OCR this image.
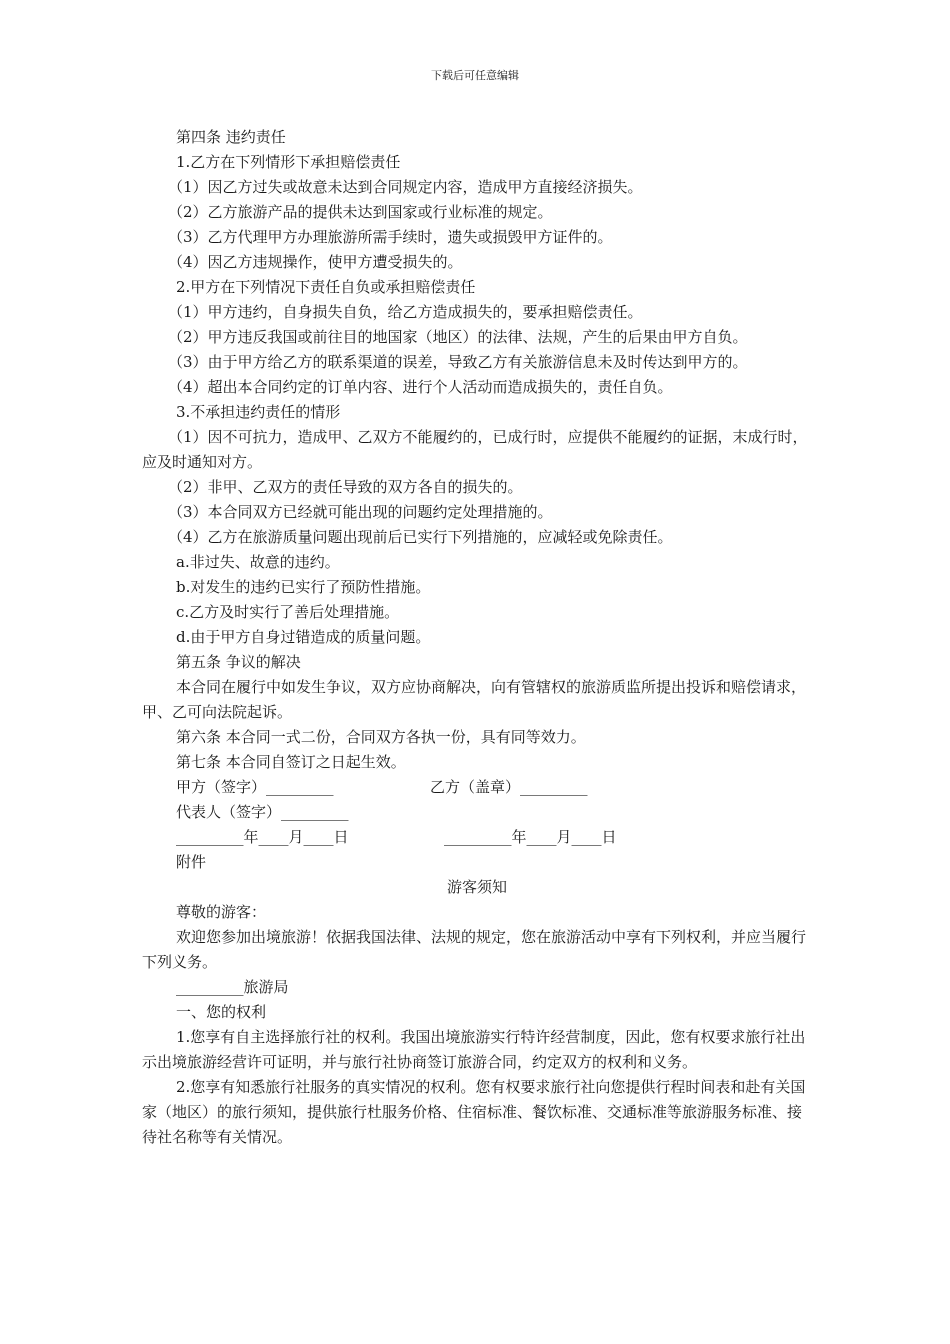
下载后可任意编辑

第四条 违约责任

1.乙方在下列情形下承担赔偿责任

（1）因乙方过失或故意未达到合同规定内容，造成甲方直接经济损失。

（2）乙方旅游产品的提供未达到国家或行业标准的规定。

（3）乙方代理甲方办理旅游所需手续时，遗失或损毁甲方证件的。

（4）因乙方违规操作，使甲方遭受损失的。

2.甲方在下列情况下责任自负或承担赔偿责任

（1）甲方违约，自身损失自负，给乙方造成损失的，要承担赔偿责任。

（2）甲方违反我国或前往目的地国家（地区）的法律、法规，产生的后果由甲方自负。

（3）由于甲方给乙方的联系渠道的误差，导致乙方有关旅游信息未及时传达到甲方的。

（4）超出本合同约定的订单内容、进行个人活动而造成损失的，责任自负。

3.不承担违约责任的情形

（1）因不可抗力，造成甲、乙双方不能履约的，已成行时，应提供不能履约的证据，末成行时，应及时通知对方。

（2）非甲、乙双方的责任导致的双方各自的损失的。

（3）本合同双方已经就可能出现的问题约定处理措施的。

（4）乙方在旅游质量问题出现前后已实行下列措施的，应减轻或免除责任。

a.非过失、故意的违约。

b.对发生的违约已实行了预防性措施。

c.乙方及时实行了善后处理措施。

d.由于甲方自身过错造成的质量问题。

第五条 争议的解决

本合同在履行中如发生争议，双方应协商解决，向有管辖权的旅游质监所提出投诉和赔偿请求，甲、乙可向法院起诉。

第六条 本合同一式二份，合同双方各执一份，具有同等效力。

第七条 本合同自签订之日起生效。

甲方（签字）_________	乙方（盖章）_________

代表人（签字）_________

_________年____月____日	_________年____月____日

附件

游客须知

尊敬的游客：

欢迎您参加出境旅游！依据我国法律、法规的规定，您在旅游活动中享有下列权利，并应当履行下列义务。

_________旅游局

一、您的权利

1.您享有自主选择旅行社的权利。我国出境旅游实行特许经营制度，因此，您有权要求旅行社出示出境旅游经营许可证明，并与旅行社协商签订旅游合同，约定双方的权利和义务。

2.您享有知悉旅行社服务的真实情况的权利。您有权要求旅行社向您提供行程时间表和赴有关国家（地区）的旅行须知，提供旅行杜服务价格、住宿标准、餐饮标准、交通标准等旅游服务标准、接待社名称等有关情况。
